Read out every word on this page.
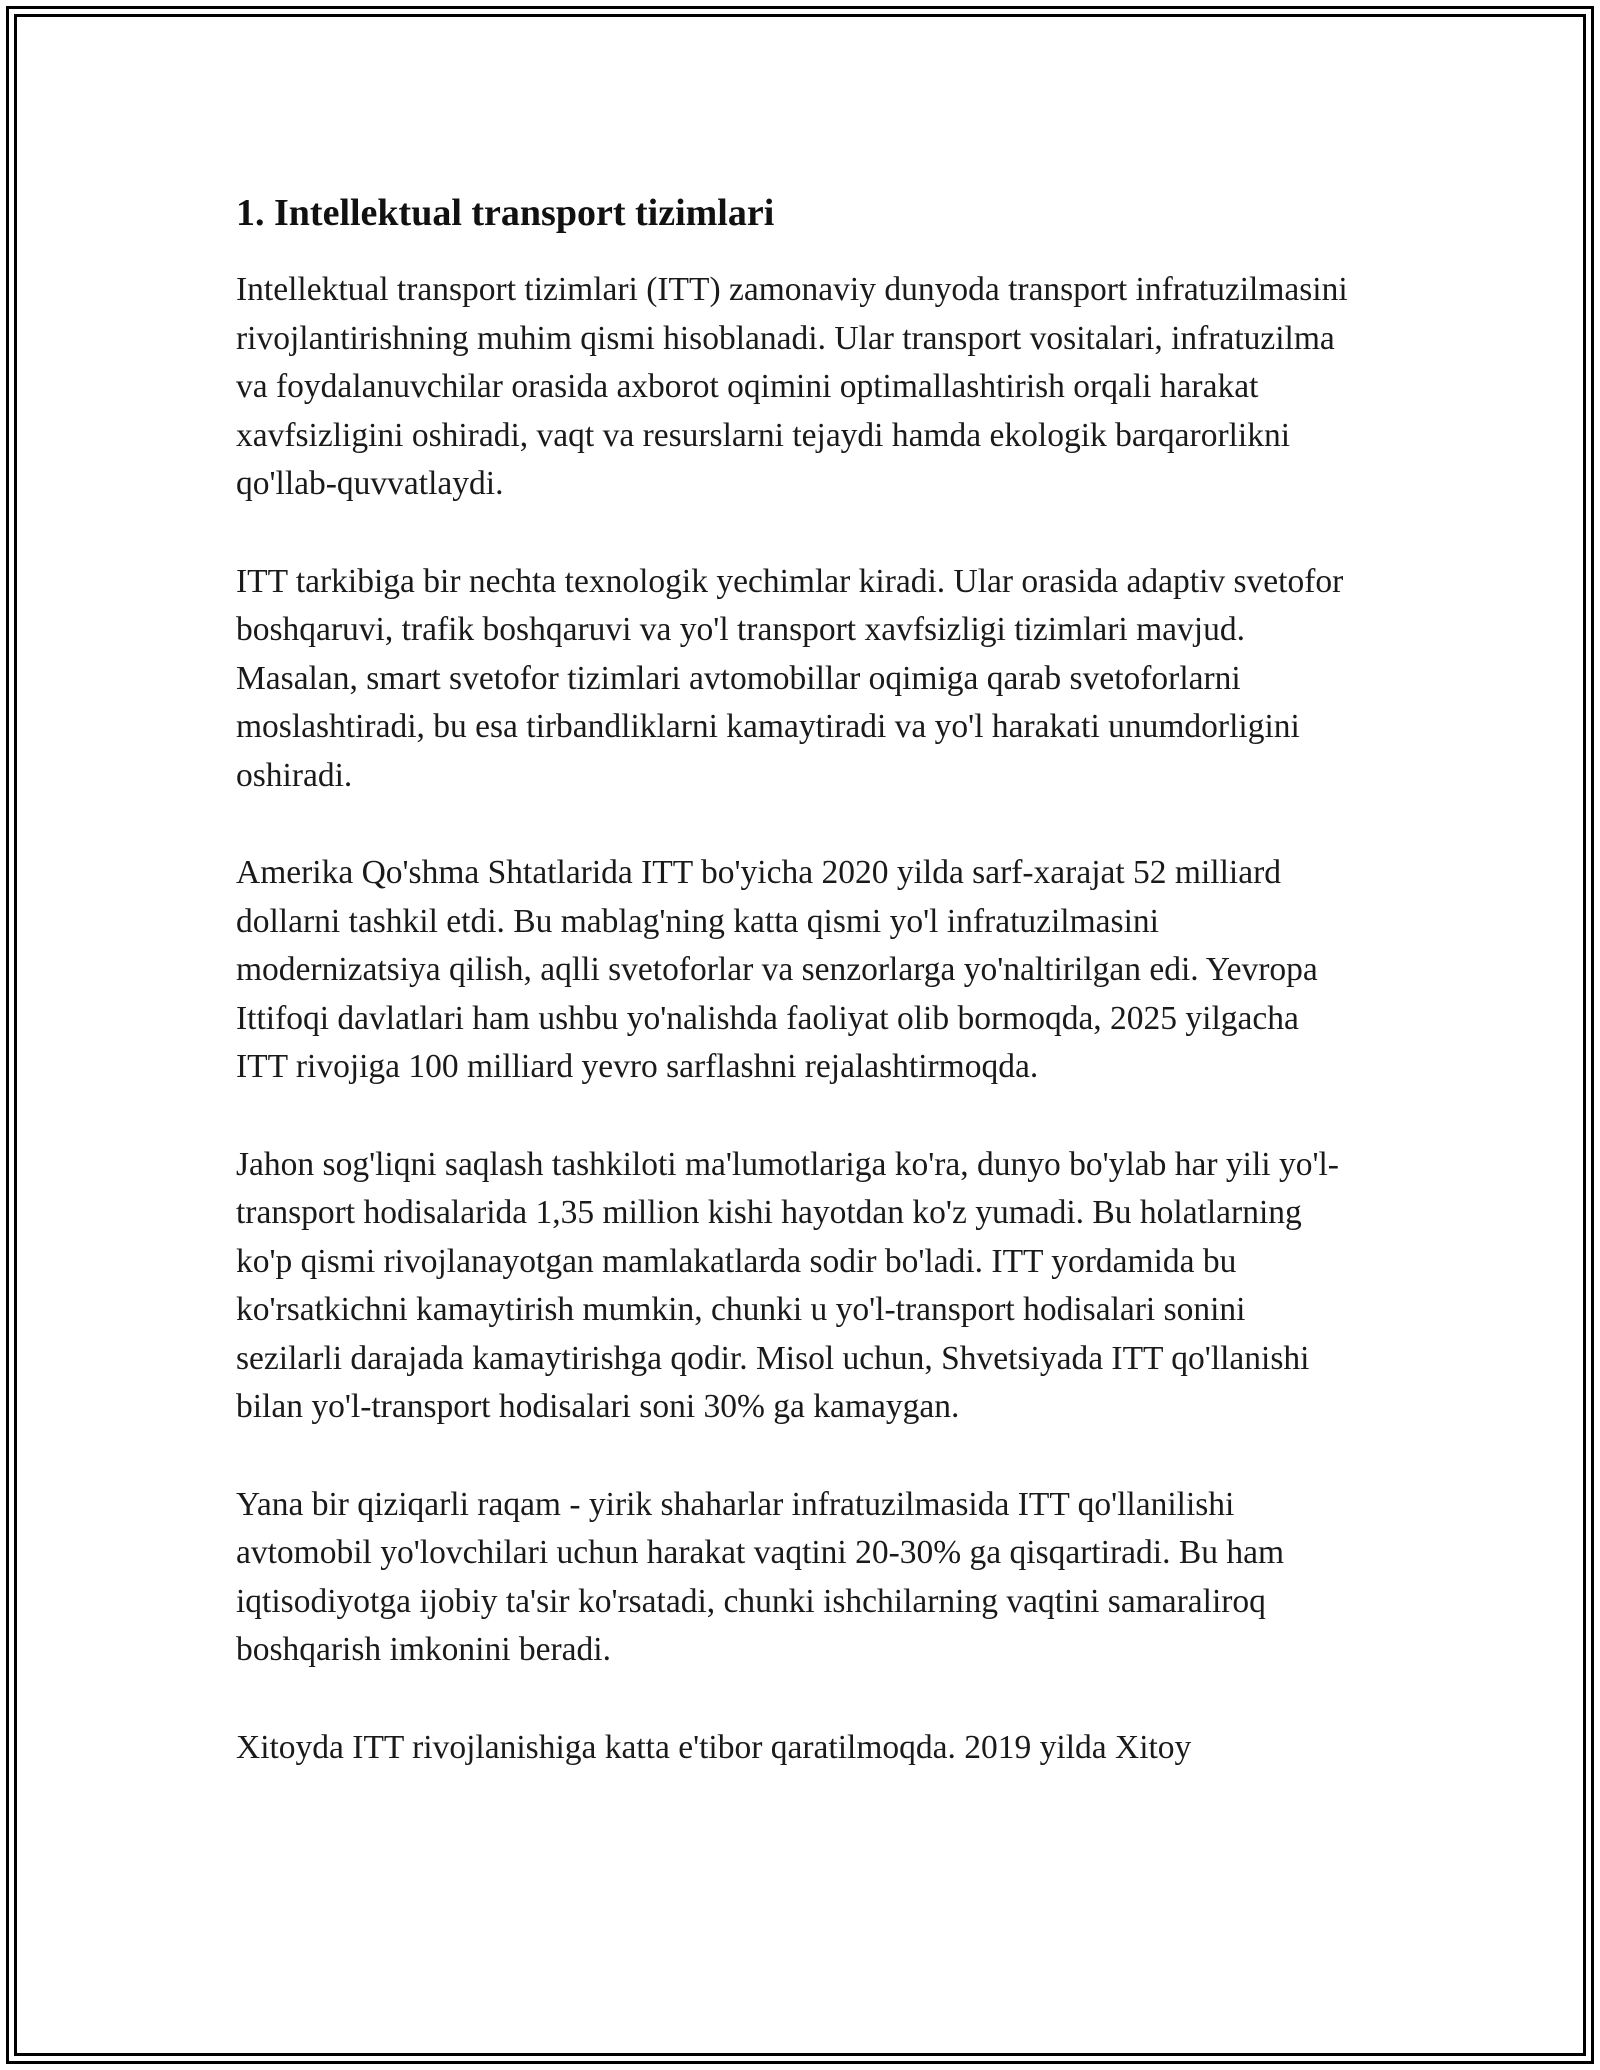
1. Intellektual transport tizimlari

Intellektual transport tizimlari (ITT) zamonaviy dunyoda transport infratuzilmasini rivojlantirishning muhim qismi hisoblanadi. Ular transport vositalari, infratuzilma va foydalanuvchilar orasida axborot oqimini optimallashtirish orqali harakat xavfsizligini oshiradi, vaqt va resurslarni tejaydi hamda ekologik barqarorlikni qo'llab-quvvatlaydi.

ITT tarkibiga bir nechta texnologik yechimlar kiradi. Ular orasida adaptiv svetofor boshqaruvi, trafik boshqaruvi va yo'l transport xavfsizligi tizimlari mavjud. Masalan, smart svetofor tizimlari avtomobillar oqimiga qarab svetoforlarni moslashtiradi, bu esa tirbandliklarni kamaytiradi va yo'l harakati unumdorligini oshiradi.

Amerika Qo'shma Shtatlarida ITT bo'yicha 2020 yilda sarf-xarajat 52 milliard dollarni tashkil etdi. Bu mablag'ning katta qismi yo'l infratuzilmasini modernizatsiya qilish, aqlli svetoforlar va senzorlarga yo'naltirilgan edi. Yevropa Ittifoqi davlatlari ham ushbu yo'nalishda faoliyat olib bormoqda, 2025 yilgacha ITT rivojiga 100 milliard yevro sarflashni rejalashtirmoqda.

Jahon sog'liqni saqlash tashkiloti ma'lumotlariga ko'ra, dunyo bo'ylab har yili yo'l-transport hodisalarida 1,35 million kishi hayotdan ko'z yumadi. Bu holatlarning ko'p qismi rivojlanayotgan mamlakatlarda sodir bo'ladi. ITT yordamida bu ko'rsatkichni kamaytirish mumkin, chunki u yo'l-transport hodisalari sonini sezilarli darajada kamaytirishga qodir. Misol uchun, Shvetsiyada ITT qo'llanishi bilan yo'l-transport hodisalari soni 30% ga kamaygan.

Yana bir qiziqarli raqam - yirik shaharlar infratuzilmasida ITT qo'llanilishi avtomobil yo'lovchilari uchun harakat vaqtini 20-30% ga qisqartiradi. Bu ham iqtisodiyotga ijobiy ta'sir ko'rsatadi, chunki ishchilarning vaqtini samaraliroq boshqarish imkonini beradi.

Xitoyda ITT rivojlanishiga katta e'tibor qaratilmoqda. 2019 yilda Xitoy
